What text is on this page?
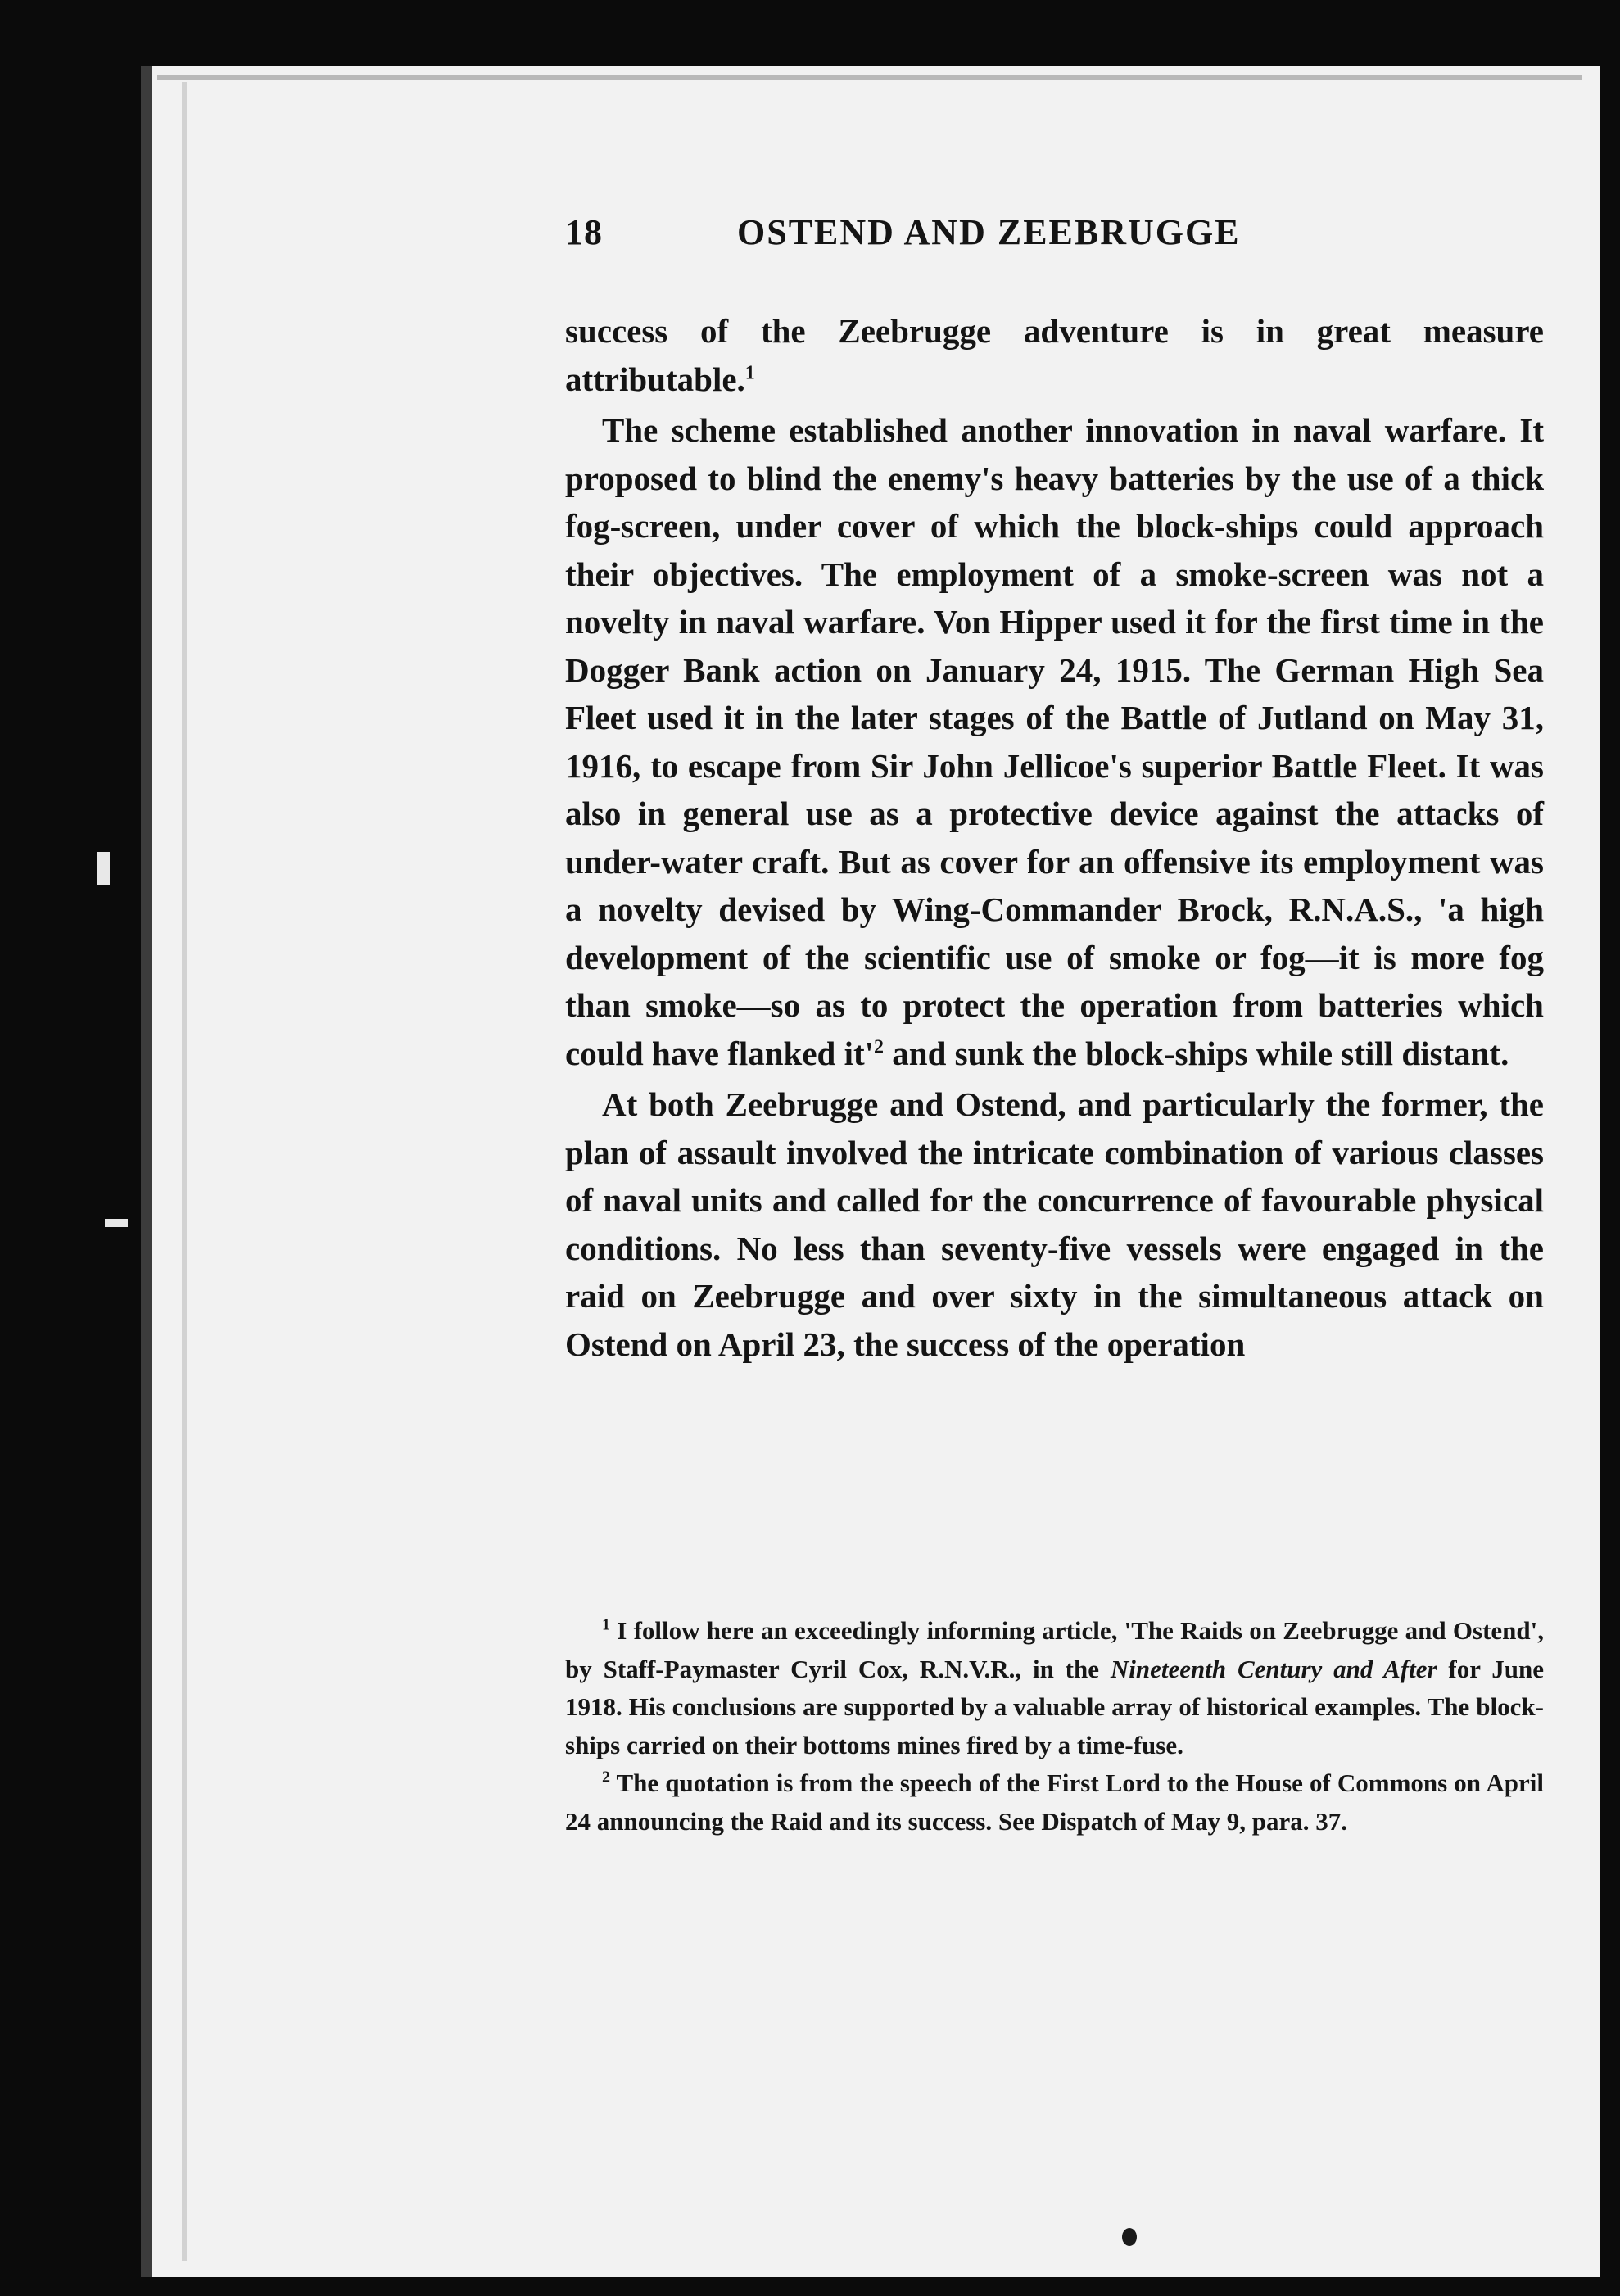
18	OSTEND AND ZEEBRUGGE

success of the Zeebrugge adventure is in great measure attributable.$^1$

The scheme established another innovation in naval warfare. It proposed to blind the enemy's heavy batteries by the use of a thick fog-screen, under cover of which the block-ships could approach their objectives. The employment of a smoke-screen was not a novelty in naval warfare. Von Hipper used it for the first time in the Dogger Bank action on January 24, 1915. The German High Sea Fleet used it in the later stages of the Battle of Jutland on May 31, 1916, to escape from Sir John Jellicoe's superior Battle Fleet. It was also in general use as a protective device against the attacks of under-water craft. But as cover for an offensive its employment was a novelty devised by Wing-Commander Brock, R.N.A.S., 'a high development of the scientific use of smoke or fog—it is more fog than smoke—so as to protect the operation from batteries which could have flanked $it'^2$ and sunk the block-ships while still distant.

At both Zeebrugge and Ostend, and particularly the former, the plan of assault involved the intricate combination of various classes of naval units and called for the concurrence of favourable physical conditions. No less than seventy-five vessels were engaged in the raid on Zeebrugge and over sixty in the simultaneous attack on Ostend on April 23, the success of the operation

$^1$ I follow here an exceedingly informing article, 'The Raids on Zeebrugge and Ostend', by Staff-Paymaster Cyril Cox, R.N.V.R., in the Nineteenth Century and After for June 1918. His conclusions are supported by a valuable array of historical examples. The block-ships carried on their bottoms mines fired by a time-fuse.

$^2$ The quotation is from the speech of the First Lord to the House of Commons on April 24 announcing the Raid and its success. See Dispatch of May 9, para. 37.
